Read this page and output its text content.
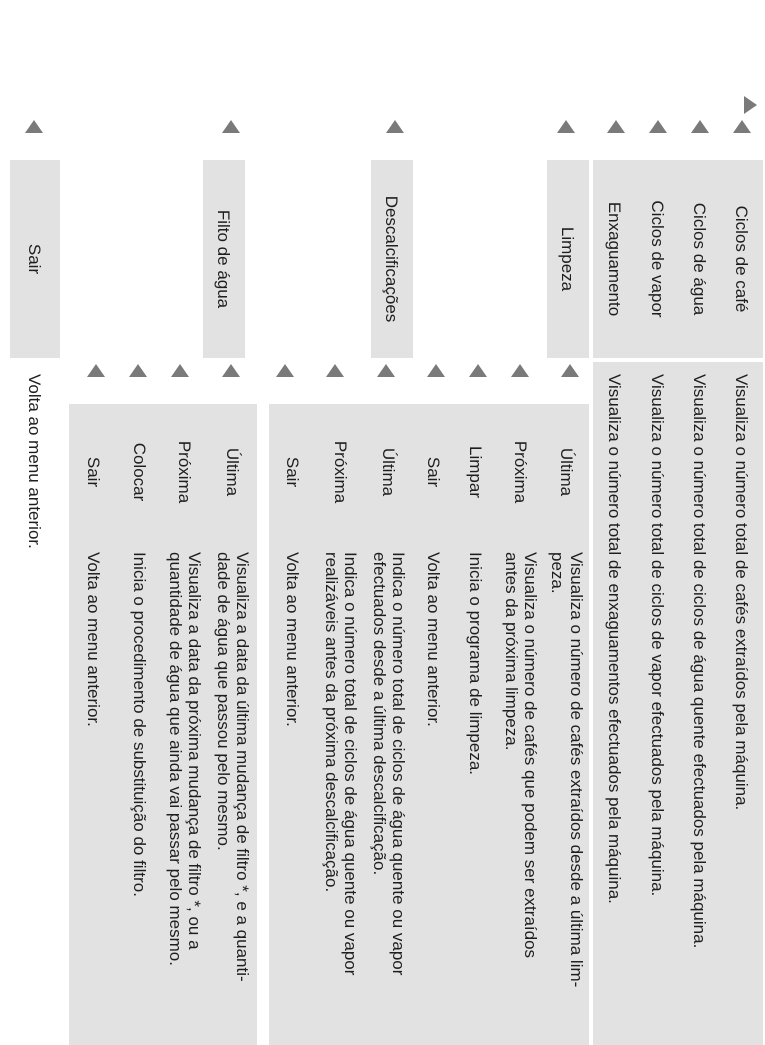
Ciclos de café
Ciclos de água
Ciclos de vapor
Enxaguamento
Limpeza
Descalcificações
Filto de água
Sair
Visualiza o número total de cafés extraídos pela máquina.
Visualiza o número total de ciclos de água quente efectuados pela máquina.
Visualiza o número total de ciclos de vapor efectuados pela máquina.
Visualiza o número total de enxaguamentos efectuados pela máquina.
Volta ao menu anterior.	Última
Visualiza o número de cafés extraídos desde a última lim-
peza.
Próxima
Visualiza o número de cafés que podem ser extraídos
antes da próxima limpeza.
Limpar
Inicia o programa de limpeza.
Sair
Volta ao menu anterior.
Última
Indica o número total de ciclos de água quente ou vapor
efectuados desde a última descalcificação.
Próxima
Indica o número total de ciclos de água quente ou vapor
realizáveis antes da próxima descalcificação.
Sair
Volta ao menu anterior.
Última
Visualiza a data da última mudança de filtro *, e a quanti-
dade de água que passou pelo mesmo.
Próxima
Visualiza a data da próxima mudança de filtro *, ou a
quantidade de água que ainda vai passar pelo mesmo.
Colocar
Inicia o procedimento de substituição do filtro.
Sair
Volta ao menu anterior.
